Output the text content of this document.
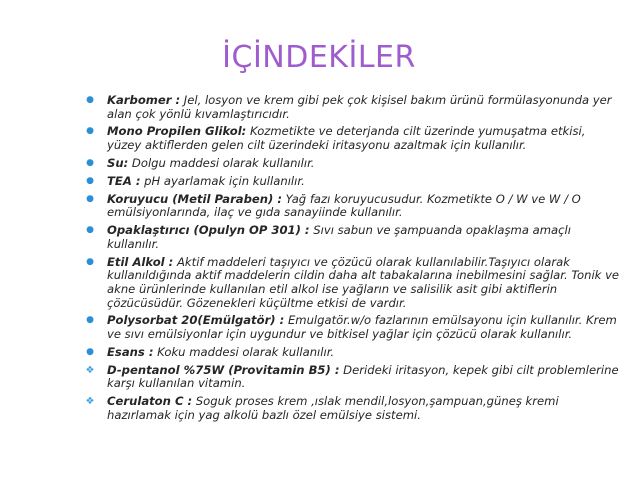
İÇİNDEKİLER
● Karbomer : Jel, losyon ve krem gibi pek çok kişisel bakım ürünü formülasyonunda yer alan çok yönlü kıvamlaştırıcıdır.
● Mono Propilen Glikol: Kozmetikte ve deterjanda cilt üzerinde yumuşatma etkisi, yüzey aktiflerden gelen cilt üzerindeki iritasyonu azaltmak için kullanılır.
● Su: Dolgu maddesi olarak kullanılır.
● TEA : pH ayarlamak için kullanılır.
● Koruyucu (Metil Paraben) : Yağ fazı koruyucusudur. Kozmetikte O / W ve W / O emülsiyonlarında, ilaç ve gıda sanayiinde kullanılır.
● Opaklaştırıcı (Opulyn OP 301) : Sıvı sabun ve şampuanda opaklaşma amaçlı kullanılır.
● Etil Alkol : Aktif maddeleri taşıyıcı ve çözücü olarak kullanılabilir.Taşıyıcı olarak kullanıldığında aktif maddelerin cildin daha alt tabakalarına inebilmesini sağlar. Tonik ve akne ürünlerinde kullanılan etil alkol ise yağların ve salisilik asit gibi aktiflerin çözücüsüdür. Gözenekleri küçültme etkisi de vardır.
● Polysorbat 20(Emülgatör) : Emulgatör.w/o fazlarının emülsayonu için kullanılır. Krem ve sıvı emülsiyonlar için uygundur ve bitkisel yağlar için çözücü olarak kullanılır.
● Esans : Koku maddesi olarak kullanılır.
❖ D-pentanol %75W (Provitamin B5) : Derideki iritasyon, kepek gibi cilt problemlerine karşı kullanılan vitamin.
❖ Cerulaton C : Soguk proses krem ,ıslak mendil,losyon,şampuan,güneş kremi hazırlamak için yag alkolü bazlı özel emülsiye sistemi.
